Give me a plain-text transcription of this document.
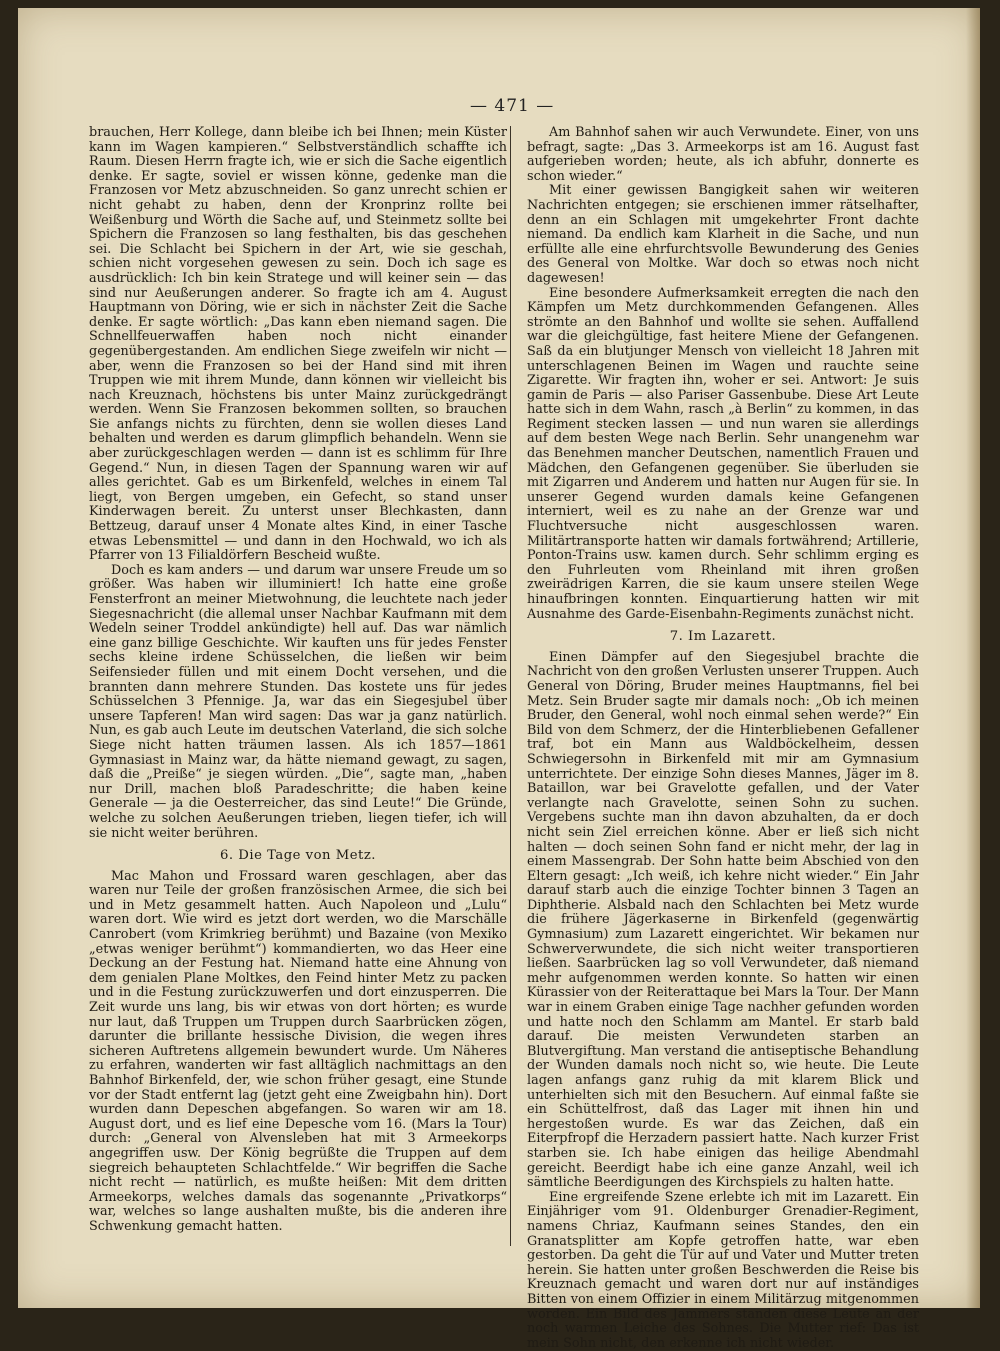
— 471 —

brauchen, Herr Kollege, dann bleibe ich bei Ihnen; mein Küster kann im Wagen kampieren.“ Selbstverständlich schaffte ich Raum. Diesen Herrn fragte ich, wie er sich die Sache eigentlich denke. Er sagte, soviel er wissen könne, gedenke man die Franzosen vor Metz abzuschneiden. So ganz unrecht schien er nicht gehabt zu haben, denn der Kronprinz rollte bei Weißenburg und Wörth die Sache auf, und Steinmetz sollte bei Spichern die Franzosen so lang festhalten, bis das geschehen sei. Die Schlacht bei Spichern in der Art, wie sie geschah, schien nicht vorgesehen gewesen zu sein. Doch ich sage es ausdrücklich: Ich bin kein Stratege und will keiner sein — das sind nur Aeußerungen anderer. So fragte ich am 4. August Hauptmann von Döring, wie er sich in nächster Zeit die Sache denke. Er sagte wörtlich: „Das kann eben niemand sagen. Die Schnellfeuerwaffen haben noch nicht einander gegenübergestanden. Am endlichen Siege zweifeln wir nicht — aber, wenn die Franzosen so bei der Hand sind mit ihren Truppen wie mit ihrem Munde, dann können wir vielleicht bis nach Kreuznach, höchstens bis unter Mainz zurückgedrängt werden. Wenn Sie Franzosen bekommen sollten, so brauchen Sie anfangs nichts zu fürchten, denn sie wollen dieses Land behalten und werden es darum glimpflich behandeln. Wenn sie aber zurückgeschlagen werden — dann ist es schlimm für Ihre Gegend.“ Nun, in diesen Tagen der Spannung waren wir auf alles gerichtet. Gab es um Birkenfeld, welches in einem Tal liegt, von Bergen umgeben, ein Gefecht, so stand unser Kinderwagen bereit. Zu unterst unser Blechkasten, dann Bettzeug, darauf unser 4 Monate altes Kind, in einer Tasche etwas Lebensmittel — und dann in den Hochwald, wo ich als Pfarrer von 13 Filialdörfern Bescheid wußte.

Doch es kam anders — und darum war unsere Freude um so größer. Was haben wir illuminiert! Ich hatte eine große Fensterfront an meiner Mietwohnung, die leuchtete nach jeder Siegesnachricht (die allemal unser Nachbar Kaufmann mit dem Wedeln seiner Troddel ankündigte) hell auf. Das war nämlich eine ganz billige Geschichte. Wir kauften uns für jedes Fenster sechs kleine irdene Schüsselchen, die ließen wir beim Seifensieder füllen und mit einem Docht versehen, und die brannten dann mehrere Stunden. Das kostete uns für jedes Schüsselchen 3 Pfennige. Ja, war das ein Siegesjubel über unsere Tapferen! Man wird sagen: Das war ja ganz natürlich. Nun, es gab auch Leute im deutschen Vaterland, die sich solche Siege nicht hatten träumen lassen. Als ich 1857—1861 Gymnasiast in Mainz war, da hätte niemand gewagt, zu sagen, daß die „Preiße“ je siegen würden. „Die“, sagte man, „haben nur Drill, machen bloß Paradeschritte; die haben keine Generale — ja die Oesterreicher, das sind Leute!“ Die Gründe, welche zu solchen Aeußerungen trieben, liegen tiefer, ich will sie nicht weiter berühren.

6. Die Tage von Metz.

Mac Mahon und Frossard waren geschlagen, aber das waren nur Teile der großen französischen Armee, die sich bei und in Metz gesammelt hatten. Auch Napoleon und „Lulu“ waren dort. Wie wird es jetzt dort werden, wo die Marschälle Canrobert (vom Krimkrieg berühmt) und Bazaine (von Mexiko „etwas weniger berühmt“) kommandierten, wo das Heer eine Deckung an der Festung hat. Niemand hatte eine Ahnung von dem genialen Plane Moltkes, den Feind hinter Metz zu packen und in die Festung zurückzuwerfen und dort einzusperren. Die Zeit wurde uns lang, bis wir etwas von dort hörten; es wurde nur laut, daß Truppen um Truppen durch Saarbrücken zögen, darunter die brillante hessische Division, die wegen ihres sicheren Auftretens allgemein bewundert wurde. Um Näheres zu erfahren, wanderten wir fast alltäglich nachmittags an den Bahnhof Birkenfeld, der, wie schon früher gesagt, eine Stunde vor der Stadt entfernt lag (jetzt geht eine Zweigbahn hin). Dort wurden dann Depeschen abgefangen. So waren wir am 18. August dort, und es lief eine Depesche vom 16. (Mars la Tour) durch: „General von Alvensleben hat mit 3 Armeekorps angegriffen usw. Der König begrüßte die Truppen auf dem siegreich behaupteten Schlachtfelde.“ Wir begriffen die Sache nicht recht — natürlich, es mußte heißen: Mit dem dritten Armeekorps, welches damals das sogenannte „Privatkorps“ war, welches so lange aushalten mußte, bis die anderen ihre Schwenkung gemacht hatten.

Am Bahnhof sahen wir auch Verwundete. Einer, von uns befragt, sagte: „Das 3. Armeekorps ist am 16. August fast aufgerieben worden; heute, als ich abfuhr, donnerte es schon wieder.“

Mit einer gewissen Bangigkeit sahen wir weiteren Nachrichten entgegen; sie erschienen immer rätselhafter, denn an ein Schlagen mit umgekehrter Front dachte niemand. Da endlich kam Klarheit in die Sache, und nun erfüllte alle eine ehrfurchtsvolle Bewunderung des Genies des General von Moltke. War doch so etwas noch nicht dagewesen!

Eine besondere Aufmerksamkeit erregten die nach den Kämpfen um Metz durchkommenden Gefangenen. Alles strömte an den Bahnhof und wollte sie sehen. Auffallend war die gleichgültige, fast heitere Miene der Gefangenen. Saß da ein blutjunger Mensch von vielleicht 18 Jahren mit unterschlagenen Beinen im Wagen und rauchte seine Zigarette. Wir fragten ihn, woher er sei. Antwort: Je suis gamin de Paris — also Pariser Gassenbube. Diese Art Leute hatte sich in dem Wahn, rasch „à Berlin“ zu kommen, in das Regiment stecken lassen — und nun waren sie allerdings auf dem besten Wege nach Berlin. Sehr unangenehm war das Benehmen mancher Deutschen, namentlich Frauen und Mädchen, den Gefangenen gegenüber. Sie überluden sie mit Zigarren und Anderem und hatten nur Augen für sie. In unserer Gegend wurden damals keine Gefangenen interniert, weil es zu nahe an der Grenze war und Fluchtversuche nicht ausgeschlossen waren. Militärtransporte hatten wir damals fortwährend; Artillerie, Ponton-Trains usw. kamen durch. Sehr schlimm erging es den Fuhrleuten vom Rheinland mit ihren großen zweirädrigen Karren, die sie kaum unsere steilen Wege hinaufbringen konnten. Einquartierung hatten wir mit Ausnahme des Garde-Eisenbahn-Regiments zunächst nicht.

7. Im Lazarett.

Einen Dämpfer auf den Siegesjubel brachte die Nachricht von den großen Verlusten unserer Truppen. Auch General von Döring, Bruder meines Hauptmanns, fiel bei Metz. Sein Bruder sagte mir damals noch: „Ob ich meinen Bruder, den General, wohl noch einmal sehen werde?“ Ein Bild von dem Schmerz, der die Hinterbliebenen Gefallener traf, bot ein Mann aus Waldböckelheim, dessen Schwiegersohn in Birkenfeld mit mir am Gymnasium unterrichtete. Der einzige Sohn dieses Mannes, Jäger im 8. Bataillon, war bei Gravelotte gefallen, und der Vater verlangte nach Gravelotte, seinen Sohn zu suchen. Vergebens suchte man ihn davon abzuhalten, da er doch nicht sein Ziel erreichen könne. Aber er ließ sich nicht halten — doch seinen Sohn fand er nicht mehr, der lag in einem Massengrab. Der Sohn hatte beim Abschied von den Eltern gesagt: „Ich weiß, ich kehre nicht wieder.“ Ein Jahr darauf starb auch die einzige Tochter binnen 3 Tagen an Diphtherie. Alsbald nach den Schlachten bei Metz wurde die frühere Jägerkaserne in Birkenfeld (gegenwärtig Gymnasium) zum Lazarett eingerichtet. Wir bekamen nur Schwerverwundete, die sich nicht weiter transportieren ließen. Saarbrücken lag so voll Verwundeter, daß niemand mehr aufgenommen werden konnte. So hatten wir einen Kürassier von der Reiterattaque bei Mars la Tour. Der Mann war in einem Graben einige Tage nachher gefunden worden und hatte noch den Schlamm am Mantel. Er starb bald darauf. Die meisten Verwundeten starben an Blutvergiftung. Man verstand die antiseptische Behandlung der Wunden damals noch nicht so, wie heute. Die Leute lagen anfangs ganz ruhig da mit klarem Blick und unterhielten sich mit den Besuchern. Auf einmal faßte sie ein Schüttelfrost, daß das Lager mit ihnen hin und hergestoßen wurde. Es war das Zeichen, daß ein Eiterpfropf die Herzadern passiert hatte. Nach kurzer Frist starben sie. Ich habe einigen das heilige Abendmahl gereicht. Beerdigt habe ich eine ganze Anzahl, weil ich sämtliche Beerdigungen des Kirchspiels zu halten hatte.

Eine ergreifende Szene erlebte ich mit im Lazarett. Ein Einjähriger vom 91. Oldenburger Grenadier-Regiment, namens Chriaz, Kaufmann seines Standes, den ein Granatsplitter am Kopfe getroffen hatte, war eben gestorben. Da geht die Tür auf und Vater und Mutter treten herein. Sie hatten unter großen Beschwerden die Reise bis Kreuznach gemacht und waren dort nur auf inständiges Bitten von einem Offizier in einem Militärzug mitgenommen worden. Ein Bild des Jammers standen diese Leute an der noch warmen Leiche des Sohnes. Die Mutter rief: Das ist mein Sohn nicht, den erkenne ich nicht wieder.
